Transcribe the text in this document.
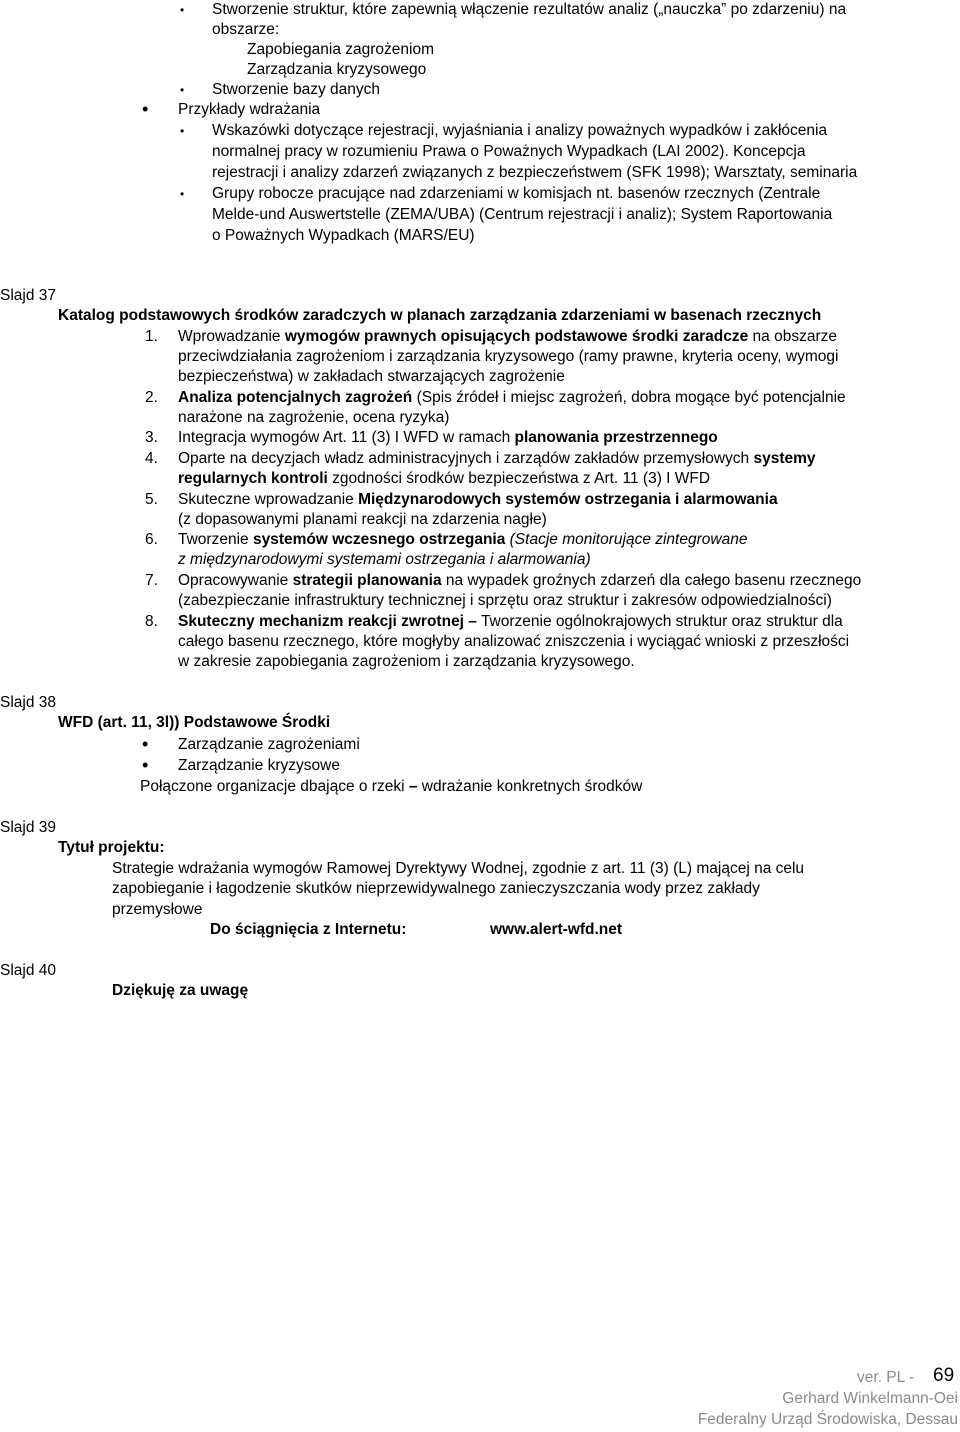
• Stworzenie struktur, które zapewnią włączenie rezultatów analiz („nauczka” po zdarzeniu) na
obszarze:
Zapobiegania zagrożeniom
Zarządzania kryzysowego
• Stworzenie bazy danych
• Przykłady wdrażania
• Wskazówki dotyczące rejestracji, wyjaśniania i analizy poważnych wypadków i zakłócenia
normalnej pracy w rozumieniu Prawa o Poważnych Wypadkach (LAI 2002). Koncepcja
rejestracji i analizy zdarzeń związanych z bezpieczeństwem (SFK 1998); Warsztaty, seminaria
• Grupy robocze pracujące nad zdarzeniami w komisjach nt. basenów rzecznych (Zentrale
Melde-und Auswertstelle (ZEMA/UBA) (Centrum rejestracji i analiz); System Raportowania
o Poważnych Wypadkach (MARS/EU)
Slajd 37
Katalog podstawowych środków zaradczych w planach zarządzania zdarzeniami w basenach rzecznych
1. Wprowadzanie wymogów prawnych opisujących podstawowe środki zaradcze na obszarze
przeciwdziałania zagrożeniom i zarządzania kryzysowego (ramy prawne, kryteria oceny, wymogi
bezpieczeństwa) w zakładach stwarzających zagrożenie
2. Analiza potencjalnych zagrożeń (Spis źródeł i miejsc zagrożeń, dobra mogące być potencjalnie
narażone na zagrożenie, ocena ryzyka)
3. Integracja wymogów Art. 11 (3) I WFD w ramach planowania przestrzennego
4. Oparte na decyzjach władz administracyjnych i zarządów zakładów przemysłowych systemy
regularnych kontroli zgodności środków bezpieczeństwa z Art. 11 (3) I WFD
5. Skuteczne wprowadzanie Międzynarodowych systemów ostrzegania i alarmowania
(z dopasowanymi planami reakcji na zdarzenia nagłe)
6. Tworzenie systemów wczesnego ostrzegania (Stacje monitorujące zintegrowane
z międzynarodowymi systemami ostrzegania i alarmowania)
7. Opracowywanie strategii planowania na wypadek groźnych zdarzeń dla całego basenu rzecznego
(zabezpieczanie infrastruktury technicznej i sprzętu oraz struktur i zakresów odpowiedzialności)
8. Skuteczny mechanizm reakcji zwrotnej – Tworzenie ogólnokrajowych struktur oraz struktur dla
całego basenu rzecznego, które mogłyby analizować zniszczenia i wyciągać wnioski z przeszłości
w zakresie zapobiegania zagrożeniom i zarządzania kryzysowego.
Slajd 38
WFD (art. 11, 3l)) Podstawowe Środki
• Zarządzanie zagrożeniami
• Zarządzanie kryzysowe
Połączone organizacje dbające o rzeki – wdrażanie konkretnych środków
Slajd 39
Tytuł projektu:
Strategie wdrażania wymogów Ramowej Dyrektywy Wodnej, zgodnie z art. 11 (3) (L) mającej na celu
zapobieganie i łagodzenie skutków nieprzewidywalnego zanieczyszczania wody przez zakłady
przemysłowe
Do ściągnięcia z Internetu:	www.alert-wfd.net
Slajd 40
Dziękuję za uwagę
ver. PL - 69
Gerhard Winkelmann-Oei
Federalny Urząd Środowiska, Dessau
